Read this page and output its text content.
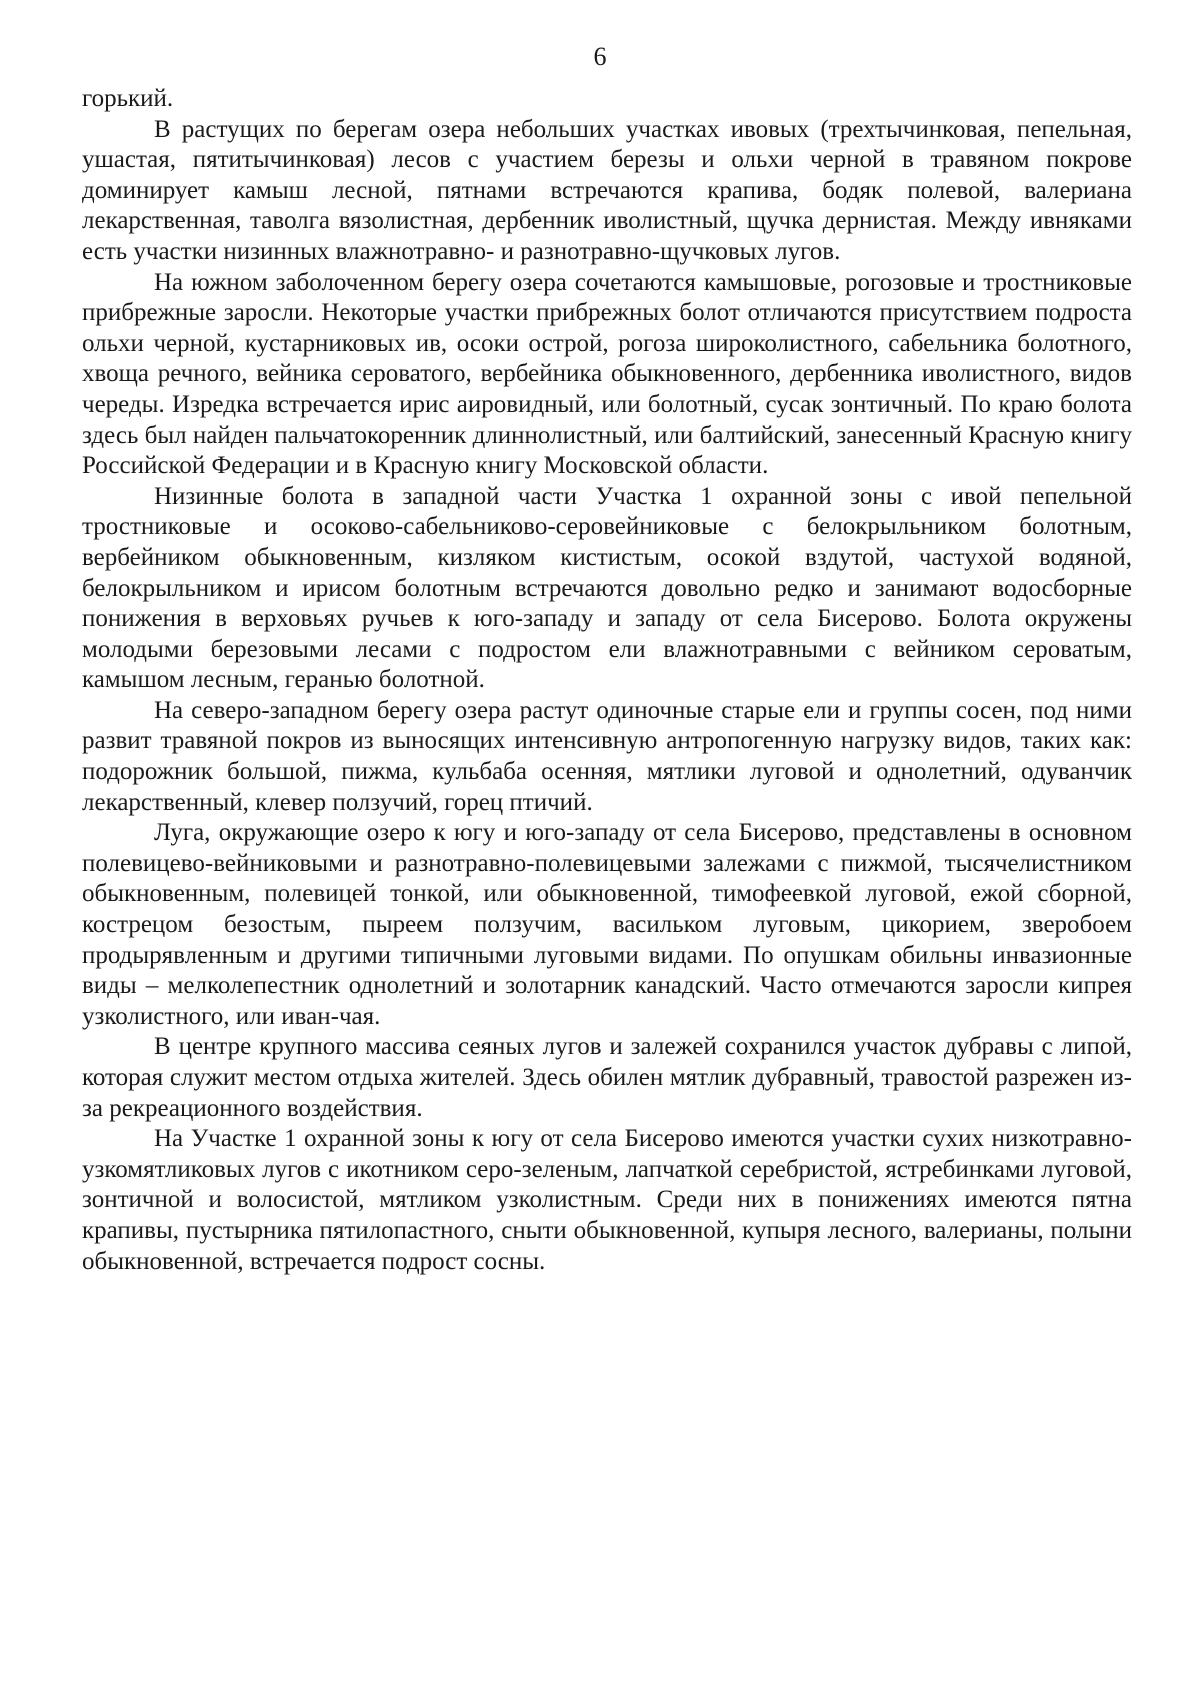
6

горький.

В растущих по берегам озера небольших участках ивовых (трехтычинковая, пепельная, ушастая, пятитычинковая) лесов с участием березы и ольхи черной в травяном покрове доминирует камыш лесной, пятнами встречаются крапива, бодяк полевой, валериана лекарственная, таволга вязолистная, дербенник иволистный, щучка дернистая. Между ивняками есть участки низинных влажнотравно- и разнотравно-щучковых лугов.

На южном заболоченном берегу озера сочетаются камышовые, рогозовые и тростниковые прибрежные заросли. Некоторые участки прибрежных болот отличаются присутствием подроста ольхи черной, кустарниковых ив, осоки острой, рогоза широколистного, сабельника болотного, хвоща речного, вейника сероватого, вербейника обыкновенного, дербенника иволистного, видов череды. Изредка встречается ирис аировидный, или болотный, сусак зонтичный. По краю болота здесь был найден пальчатокоренник длиннолистный, или балтийский, занесенный Красную книгу Российской Федерации и в Красную книгу Московской области.

Низинные болота в западной части Участка 1 охранной зоны с ивой пепельной тростниковые и осоково-сабельниково-серовейниковые с белокрыльником болотным, вербейником обыкновенным, кизляком кистистым, осокой вздутой, частухой водяной, белокрыльником и ирисом болотным встречаются довольно редко и занимают водосборные понижения в верховьях ручьев к юго-западу и западу от села Бисерово. Болота окружены молодыми березовыми лесами с подростом ели влажнотравными с вейником сероватым, камышом лесным, геранью болотной.

На северо-западном берегу озера растут одиночные старые ели и группы сосен, под ними развит травяной покров из выносящих интенсивную антропогенную нагрузку видов, таких как: подорожник большой, пижма, кульбаба осенняя, мятлики луговой и однолетний, одуванчик лекарственный, клевер ползучий, горец птичий.

Луга, окружающие озеро к югу и юго-западу от села Бисерово, представлены в основном полевицево-вейниковыми и разнотравно-полевицевыми залежами с пижмой, тысячелистником обыкновенным, полевицей тонкой, или обыкновенной, тимофеевкой луговой, ежой сборной, кострецом безостым, пыреем ползучим, васильком луговым, цикорием, зверобоем продырявленным и другими типичными луговыми видами. По опушкам обильны инвазионные виды – мелколепестник однолетний и золотарник канадский. Часто отмечаются заросли кипрея узколистного, или иван-чая.

В центре крупного массива сеяных лугов и залежей сохранился участок дубравы с липой, которая служит местом отдыха жителей. Здесь обилен мятлик дубравный, травостой разрежен из-за рекреационного воздействия.

На Участке 1 охранной зоны к югу от села Бисерово имеются участки сухих низкотравно-узкомятликовых лугов с икотником серо-зеленым, лапчаткой серебристой, ястребинками луговой, зонтичной и волосистой, мятликом узколистным. Среди них в понижениях имеются пятна крапивы, пустырника пятилопастного, сныти обыкновенной, купыря лесного, валерианы, полыни обыкновенной, встречается подрост сосны.
